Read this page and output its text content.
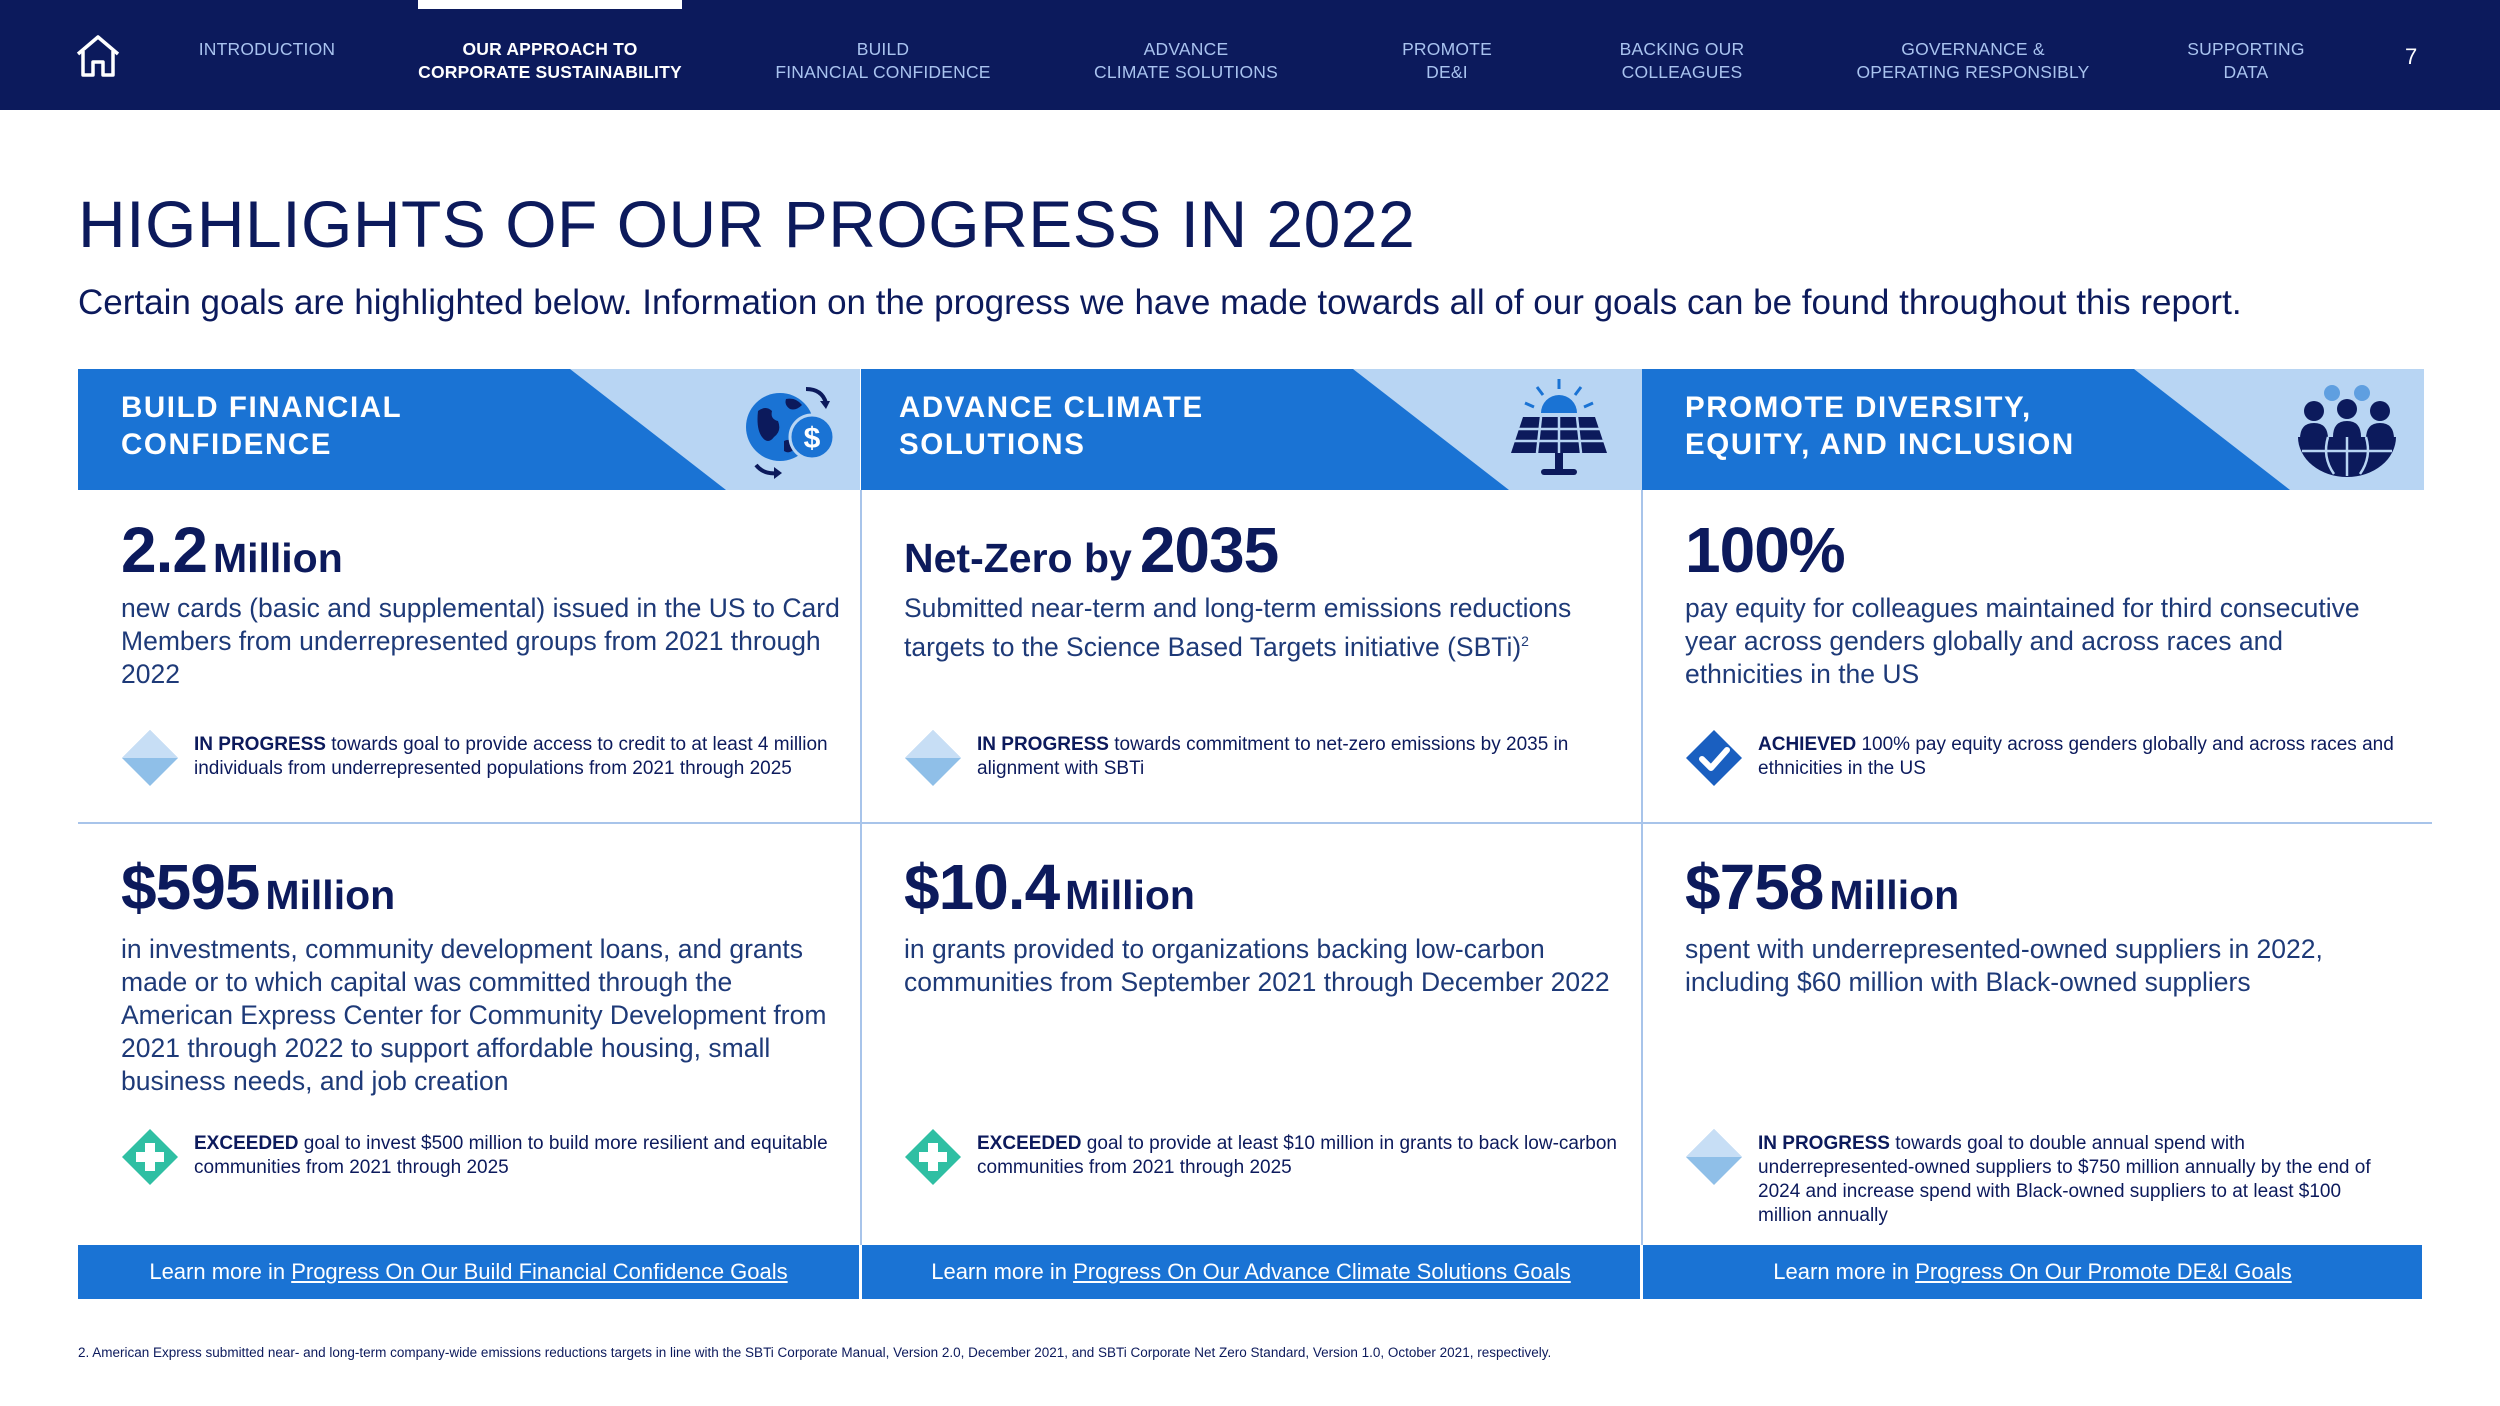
INTRODUCTION	OUR APPROACH TO
CORPORATE SUSTAINABILITY
BUILD
FINANCIAL CONFIDENCE
ADVANCE
CLIMATE SOLUTIONS
PROMOTE
DE&I
BACKING OUR
COLLEAGUES
GOVERNANCE &
OPERATING RESPONSIBLY
SUPPORTING
DATA
7
HIGHLIGHTS OF OUR PROGRESS IN 2022
Certain goals are highlighted below. Information on the progress we have made towards all of our goals can be found throughout this report.
BUILD FINANCIAL
CONFIDENCE	$
2.2 Million
new cards (basic and supplemental) issued in the US to Card Members from underrepresented groups from 2021 through 2022
IN PROGRESS towards goal to provide access to credit to at least 4 million individuals from underrepresented populations from 2021 through 2025
$595 Million
in investments, community development loans, and grants made or to which capital was committed through the American Express Center for Community Development from 2021 through 2022 to support affordable housing, small business needs, and job creation
EXCEEDED goal to invest $500 million to build more resilient and equitable communities from 2021 through 2025
ADVANCE CLIMATE
SOLUTIONS
Net-Zero by 2035
Submitted near-term and long-term emissions reductions targets to the Science Based Targets initiative (SBTi)$^2$
IN PROGRESS towards commitment to net-zero emissions by 2035 in alignment with SBTi
$10.4 Million
in grants provided to organizations backing low-carbon communities from September 2021 through December 2022
EXCEEDED goal to provide at least $10 million in grants to back low-carbon communities from 2021 through 2025
PROMOTE DIVERSITY,
EQUITY, AND INCLUSION
100%
pay equity for colleagues maintained for third consecutive year across genders globally and across races and ethnicities in the US
ACHIEVED 100% pay equity across genders globally and across races and ethnicities in the US
$758 Million
spent with underrepresented-owned suppliers in 2022, including $60 million with Black-owned suppliers
IN PROGRESS towards goal to double annual spend with underrepresented-owned suppliers to $750 million annually by the end of 2024 and increase spend with Black-owned suppliers to at least $100 million annually
Learn more in Progress On Our Build Financial Confidence Goals	Learn more in Progress On Our Advance Climate Solutions Goals	Learn more in Progress On Our Promote DE&I Goals
2. American Express submitted near- and long-term company-wide emissions reductions targets in line with the SBTi Corporate Manual, Version 2.0, December 2021, and SBTi Corporate Net Zero Standard, Version 1.0, October 2021, respectively.
